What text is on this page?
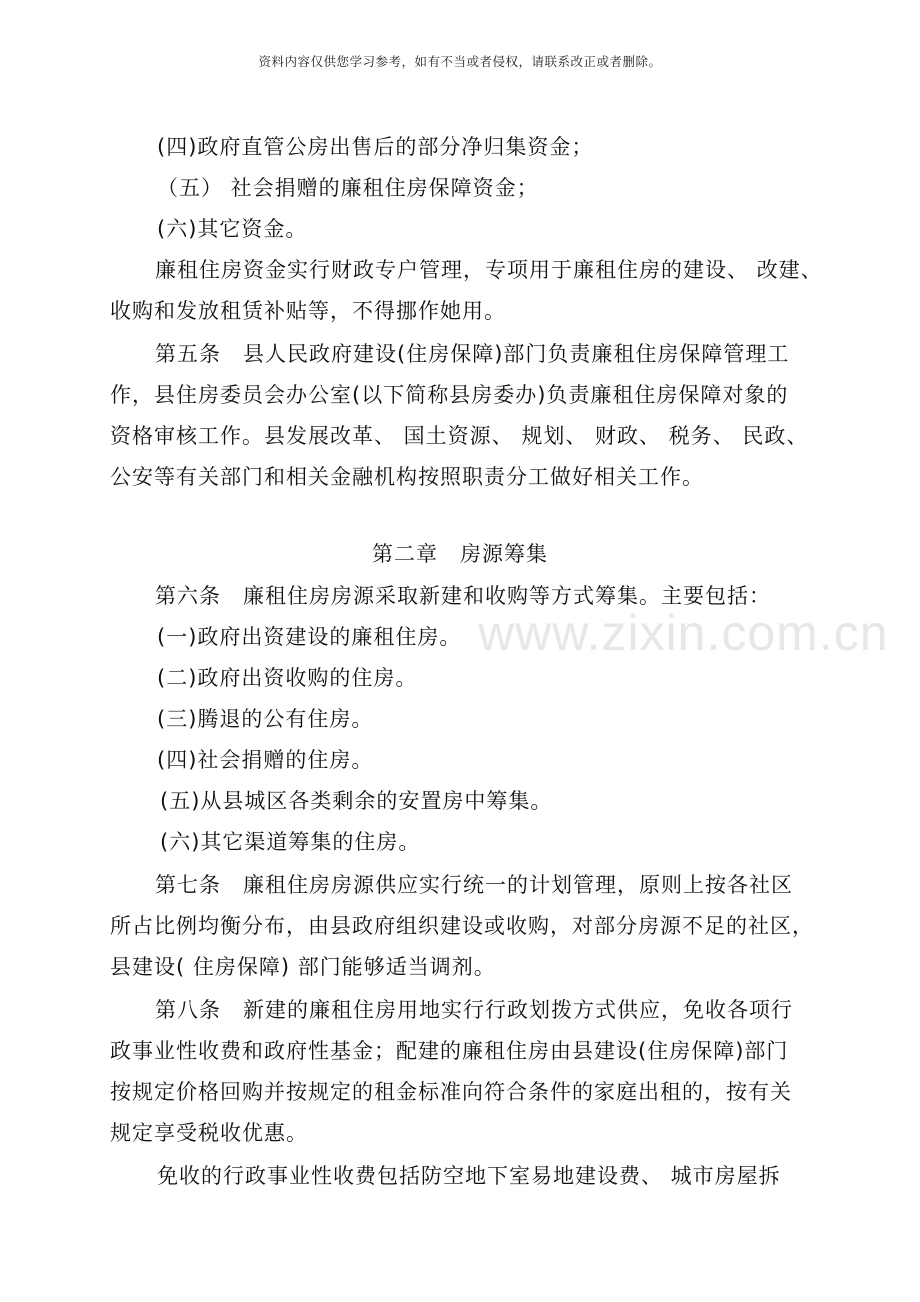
资料内容仅供您学习参考，如有不当或者侵权，请联系改正或者删除。
www.zixin.com.cn
(四)政府直管公房出售后的部分净归集资金；
（五） 社会捐赠的廉租住房保障资金；
(六)其它资金。
廉租住房资金实行财政专户管理，专项用于廉租住房的建设、 改建、
收购和发放租赁补贴等，不得挪作她用。
第五条　县人民政府建设(住房保障)部门负责廉租住房保障管理工
作，县住房委员会办公室(以下简称县房委办)负责廉租住房保障对象的
资格审核工作。县发展改革、 国土资源、 规划、 财政、 税务、 民政、
公安等有关部门和相关金融机构按照职责分工做好相关工作。
第二章　房源筹集
第六条　廉租住房房源采取新建和收购等方式筹集。主要包括：
(一)政府出资建设的廉租住房。
(二)政府出资收购的住房。
(三)腾退的公有住房。
(四)社会捐赠的住房。
(五)从县城区各类剩余的安置房中筹集。
(六)其它渠道筹集的住房。
第七条　廉租住房房源供应实行统一的计划管理，原则上按各社区
所占比例均衡分布，由县政府组织建设或收购，对部分房源不足的社区，
县建设( 住房保障) 部门能够适当调剂。
第八条　新建的廉租住房用地实行行政划拨方式供应，免收各项行
政事业性收费和政府性基金；配建的廉租住房由县建设(住房保障)部门
按规定价格回购并按规定的租金标准向符合条件的家庭出租的，按有关
规定享受税收优惠。
免收的行政事业性收费包括防空地下室易地建设费、 城市房屋拆
